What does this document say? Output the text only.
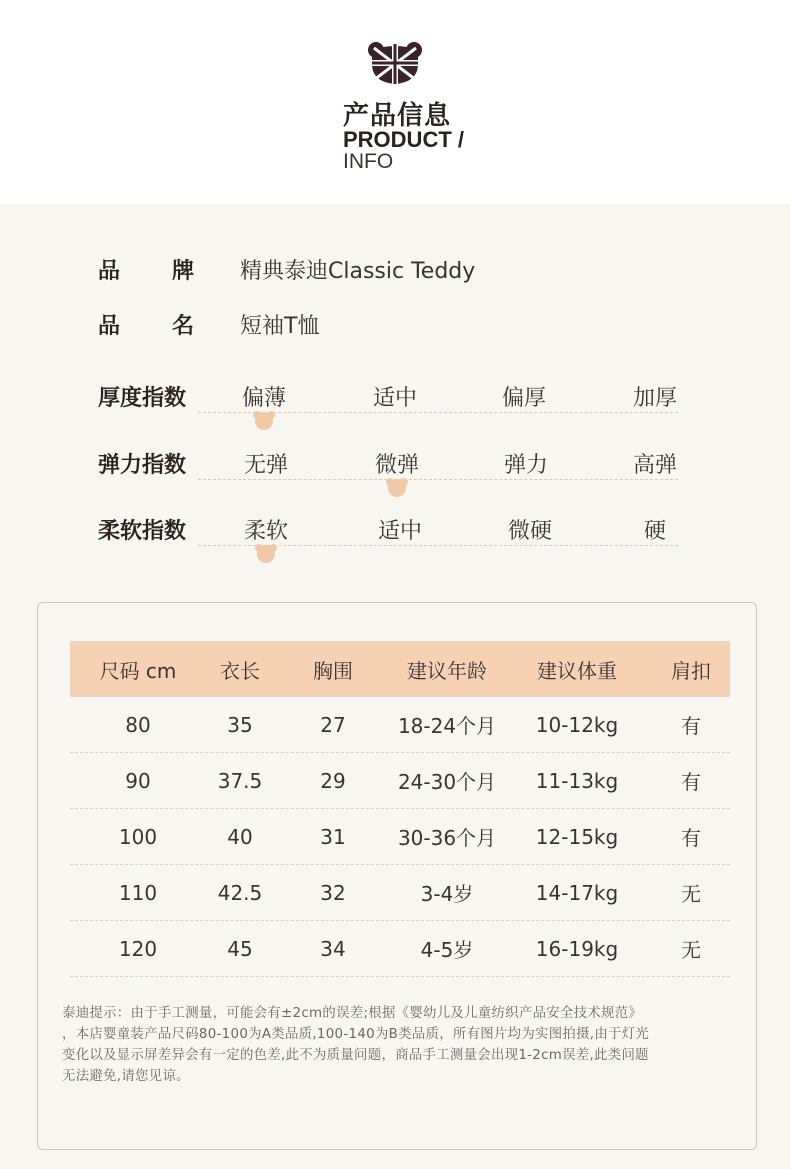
产品信息
PRODUCT /
INFO
品 牌 精典泰迪Classic Teddy
品 名 短袖T恤
厚度指数	偏薄	适中	偏厚	加厚
弹力指数	无弹	微弹	弹力	高弹
柔软指数	柔软	适中	微硬	硬
尺码 cm	衣长	胸围	建议年龄	建议体重	肩扣
80	35	27	18-24个月	10-12kg	有
90	37.5	29	24-30个月	11-13kg	有
100	40	31	30-36个月	12-15kg	有
110	42.5	32	3-4岁	14-17kg	无
120	45	34	4-5岁	16-19kg	无
泰迪提示：由于手工测量，可能会有±2cm的误差;根据《婴幼儿及儿童纺织产品安全技术规范》
，本店婴童装产品尺码80-100为A类品质,100-140为B类品质，所有图片均为实图拍摄,由于灯光
变化以及显示屏差异会有一定的色差,此不为质量问题，商品手工测量会出现1-2cm误差,此类问题
无法避免,请您见谅。
